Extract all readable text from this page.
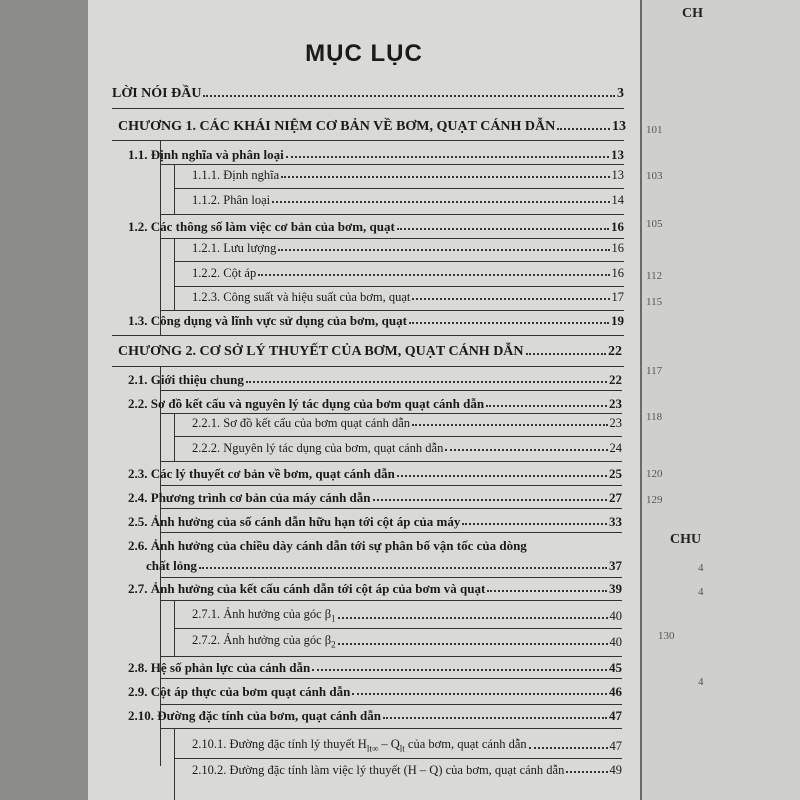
MỤC LỤC
LỜI NÓI ĐẦU	3
CHƯƠNG 1. CÁC KHÁI NIỆM CƠ BẢN VỀ BƠM, QUẠT CÁNH DẪN	13
1.1. Định nghĩa và phân loại	13
1.1.1. Định nghĩa	13
1.1.2. Phân loại	14
1.2. Các thông số làm việc cơ bản của bơm, quạt	16
1.2.1. Lưu lượng	16
1.2.2. Cột áp	16
1.2.3. Công suất và hiệu suất của bơm, quạt	17
1.3. Công dụng và lĩnh vực sử dụng của bơm, quạt	19
CHƯƠNG 2. CƠ SỞ LÝ THUYẾT CỦA BƠM, QUẠT CÁNH DẪN	22
2.1. Giới thiệu chung	22
2.2. Sơ đồ kết cấu và nguyên lý tác dụng của bơm quạt cánh dẫn	23
2.2.1. Sơ đồ kết cấu của bơm quạt cánh dẫn	23
2.2.2. Nguyên lý tác dụng của bơm, quạt cánh dẫn	24
2.3. Các lý thuyết cơ bản về bơm, quạt cánh dẫn	25
2.4. Phương trình cơ bản của máy cánh dẫn	27
2.5. Ảnh hưởng của số cánh dẫn hữu hạn tới cột áp của máy	33
2.6. Ảnh hưởng của chiều dày cánh dẫn tới sự phân bố vận tốc của dòng
chất lỏng	37
2.7. Ảnh hưởng của kết cấu cánh dẫn tới cột áp của bơm và quạt	39
2.7.1. Ảnh hưởng của góc $\beta_1$	40
2.7.2. Ảnh hưởng của góc $\beta_2$	40
2.8. Hệ số phản lực của cánh dẫn	45
2.9. Cột áp thực của bơm quạt cánh dẫn	46
2.10. Đường đặc tính của bơm, quạt cánh dẫn	47
2.10.1. Đường đặc tính lý thuyết $H_{lt\infty} - Q_{lt}$ của bơm, quạt cánh dẫn	47
2.10.2. Đường đặc tính làm việc lý thuyết (H – Q) của bơm, quạt cánh dẫn	49
CH
CHU
101
103
105
112
115
117
118
120
129
130
4
4
4
